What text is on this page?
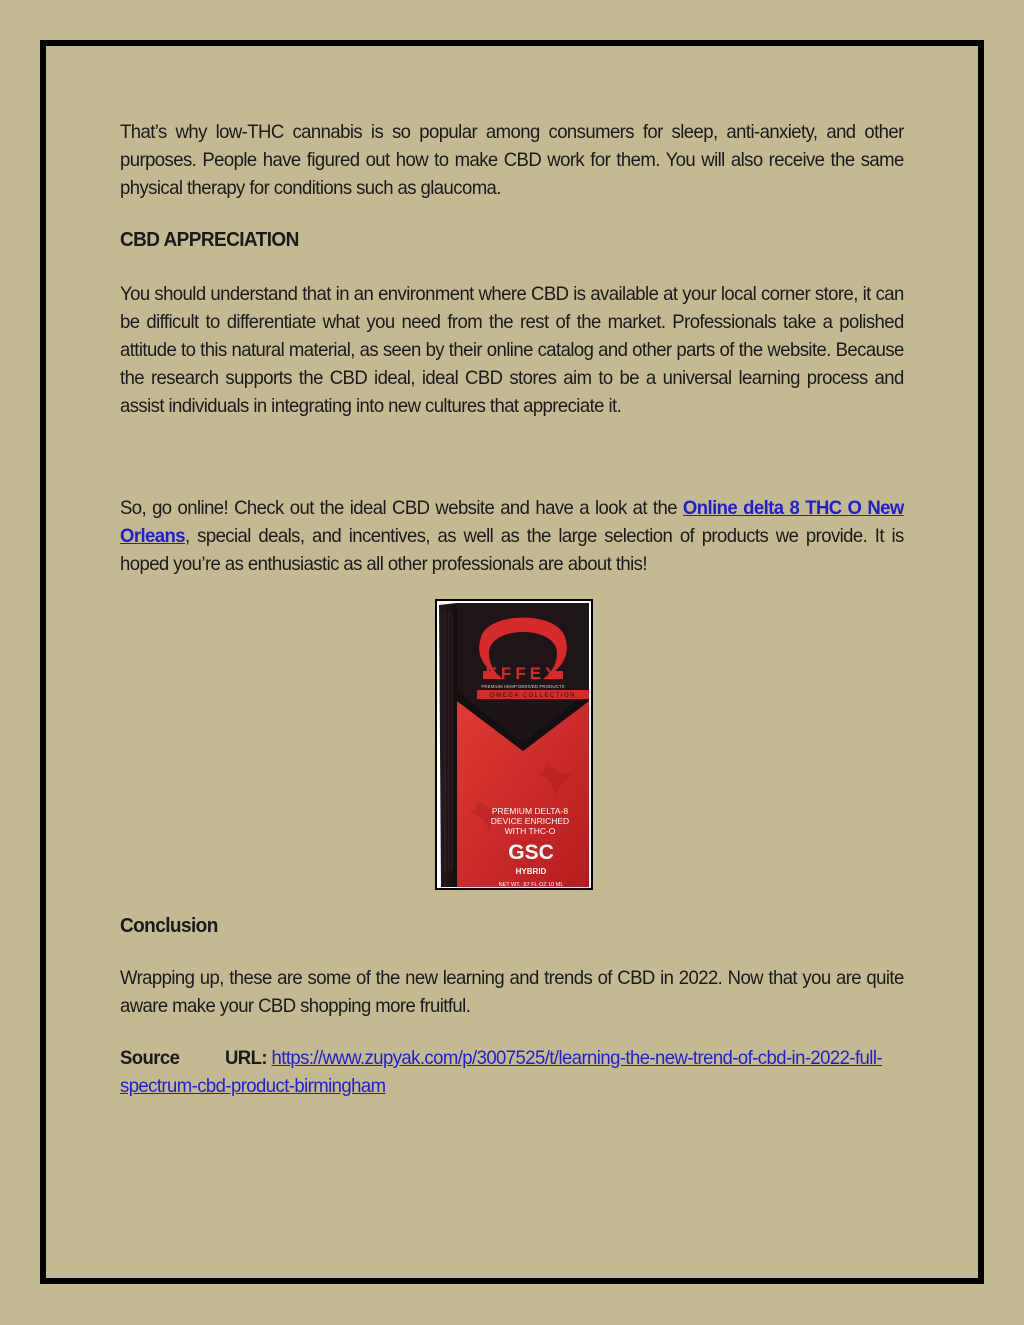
That’s why low-THC cannabis is so popular among consumers for sleep, anti-anxiety, and other purposes. People have figured out how to make CBD work for them. You will also receive the same physical therapy for conditions such as glaucoma.

CBD APPRECIATION

You should understand that in an environment where CBD is available at your local corner store, it can be difficult to differentiate what you need from the rest of the market. Professionals take a polished attitude to this natural material, as seen by their online catalog and other parts of the website. Because the research supports the CBD ideal, ideal CBD stores aim to be a universal learning process and assist individuals in integrating into new cultures that appreciate it.

So, go online! Check out the ideal CBD website and have a look at the Online delta 8 THC O New Orleans, special deals, and incentives, as well as the large selection of products we provide. It is hoped you’re as enthusiastic as all other professionals are about this!

EFFEX
PREMIUM HEMP DERIVED PRODUCTS
OMEGA COLLECTION
PREMIUM DELTA-8
DEVICE ENRICHED
WITH THC-O
GSC
HYBRID
NET WT. .67 FL OZ 10 ML
Conclusion

Wrapping up, these are some of the new learning and trends of CBD in 2022. Now that you are quite aware make your CBD shopping more fruitful.

Source URL: https://www.zupyak.com/p/3007525/t/learning-the-new-trend-of-cbd-in-2022-full-spectrum-cbd-product-birmingham
